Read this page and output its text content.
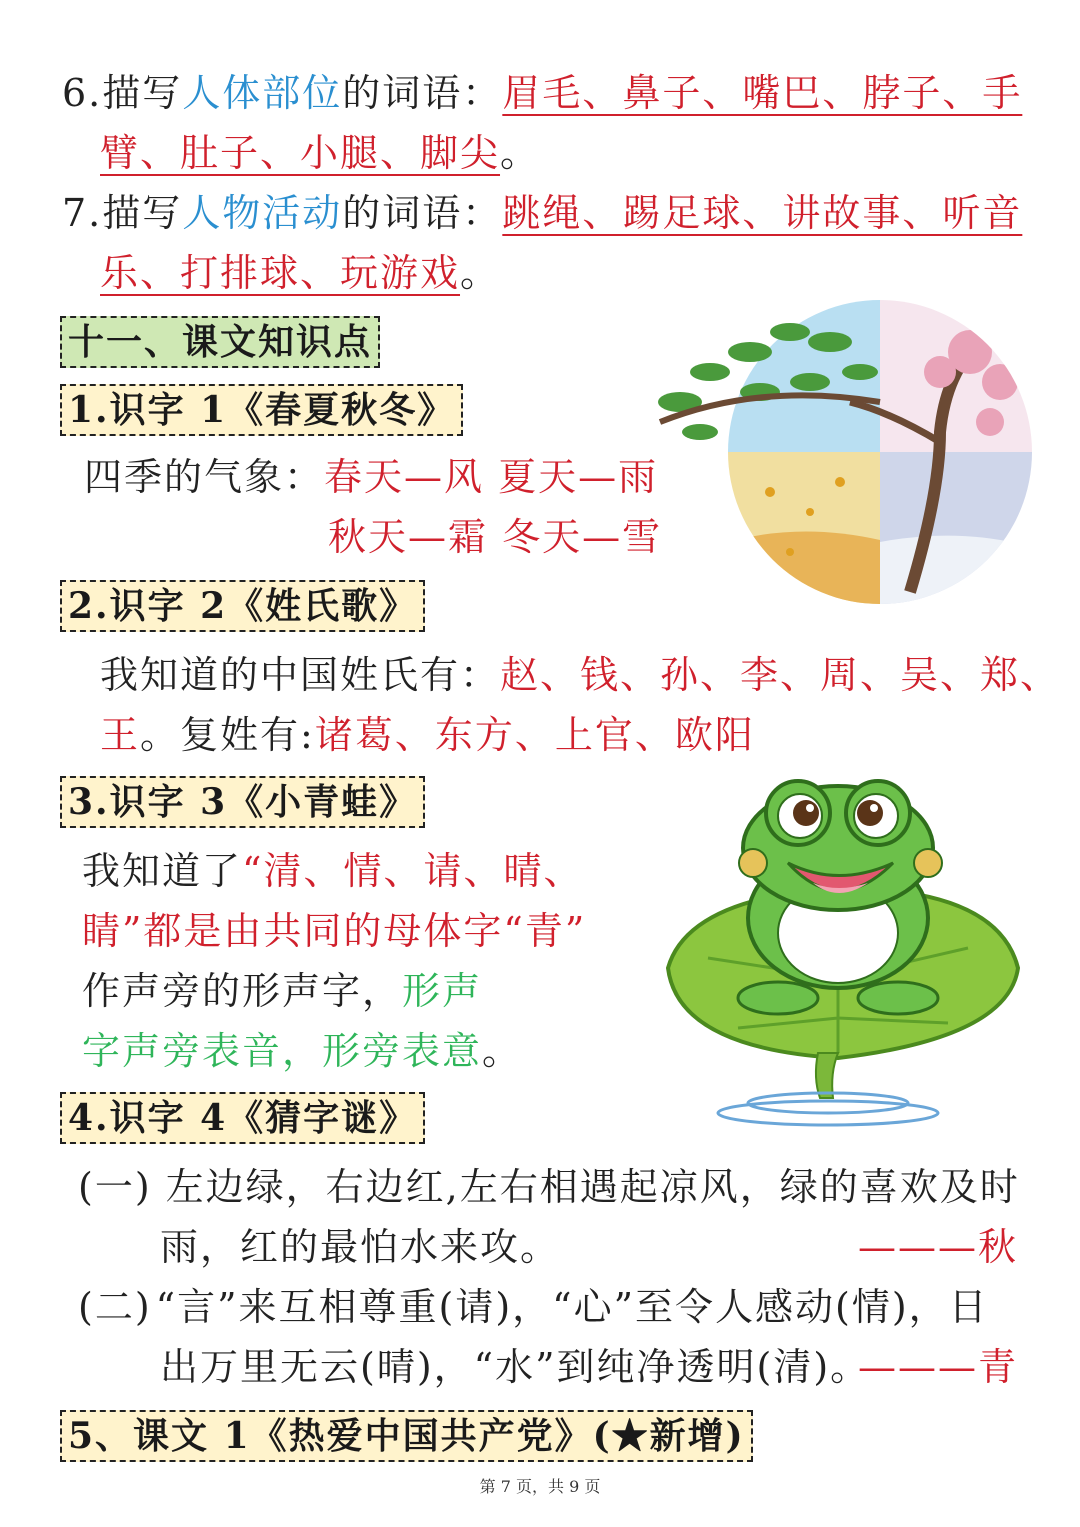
6.描写人体部位的词语：眉毛、鼻子、嘴巴、脖子、手
臂、肚子、小腿、脚尖。
7.描写人物活动的词语：跳绳、踢足球、讲故事、听音
乐、打排球、玩游戏。
十一、课文知识点
1.识字 1《春夏秋冬》
四季的气象：春天—风 夏天—雨
秋天—霜 冬天—雪
2.识字 2《姓氏歌》
我知道的中国姓氏有：赵、钱、孙、李、周、吴、郑、
王。复姓有:诸葛、东方、上官、欧阳
3.识字 3《小青蛙》
我知道了“清、情、请、晴、
睛”都是由共同的母体字“青”
作声旁的形声字，形声
字声旁表音，形旁表意。
4.识字 4《猜字谜》
(一) 左边绿，右边红,左右相遇起凉风，绿的喜欢及时
雨，红的最怕水来攻。	———秋
(二) “言”来互相尊重(请)，“心”至令人感动(情)，日
出万里无云(晴)，“水”到纯净透明(清)。
———青
5、课文 1《热爱中国共产党》(★新增)
第 7 页，共 9 页
